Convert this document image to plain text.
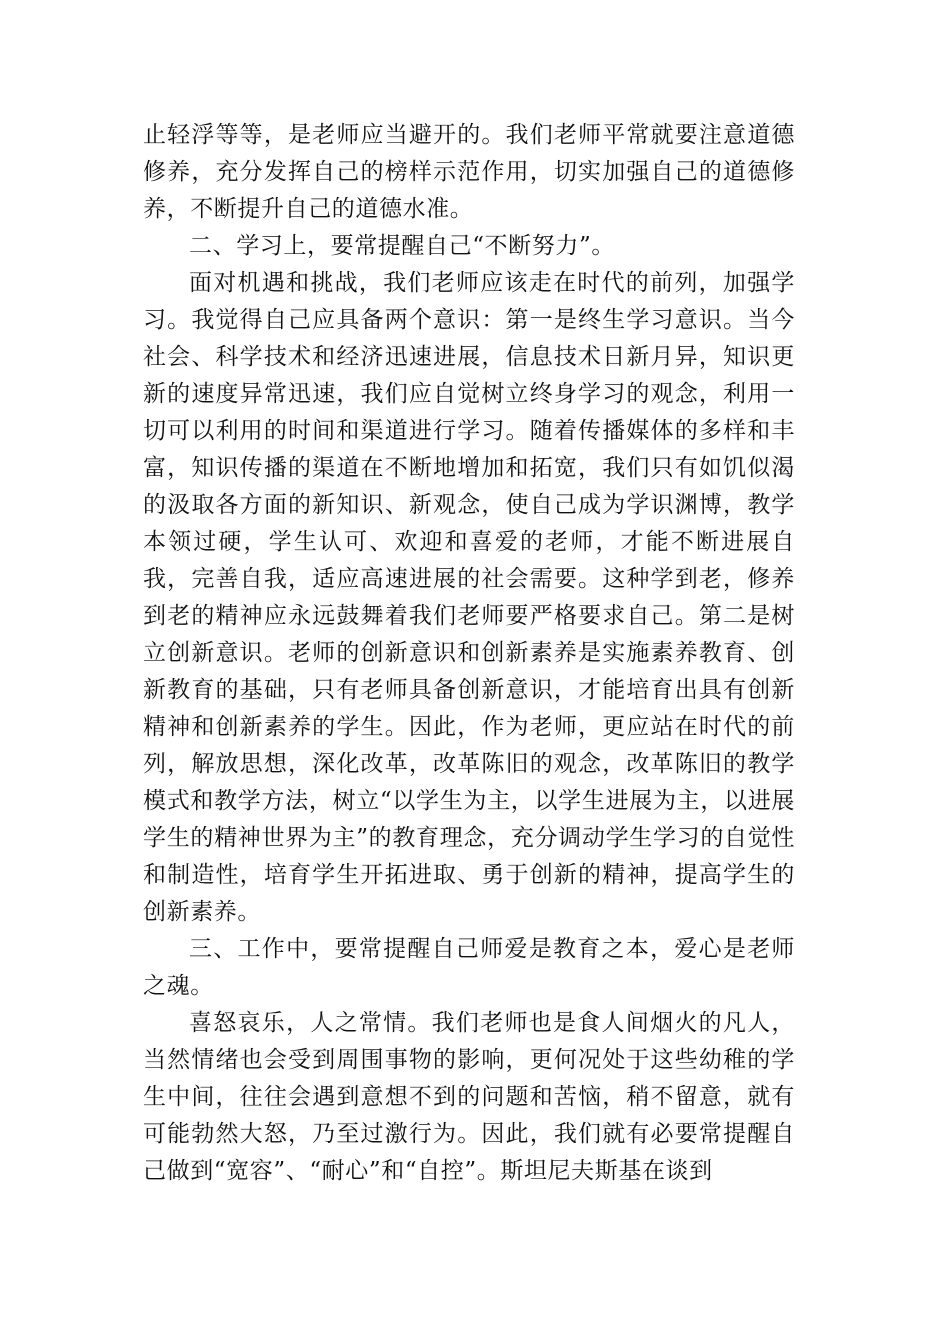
止轻浮等等，是老师应当避开的。我们老师平常就要注意道德修养，充分发挥自己的榜样示范作用，切实加强自己的道德修养，不断提升自己的道德水准。

二、学习上，要常提醒自己“不断努力”。

面对机遇和挑战，我们老师应该走在时代的前列，加强学习。我觉得自己应具备两个意识：第一是终生学习意识。当今社会、科学技术和经济迅速进展，信息技术日新月异，知识更新的速度异常迅速，我们应自觉树立终身学习的观念，利用一切可以利用的时间和渠道进行学习。随着传播媒体的多样和丰富，知识传播的渠道在不断地增加和拓宽，我们只有如饥似渴的汲取各方面的新知识、新观念，使自己成为学识渊博，教学本领过硬，学生认可、欢迎和喜爱的老师，才能不断进展自我，完善自我，适应高速进展的社会需要。这种学到老，修养到老的精神应永远鼓舞着我们老师要严格要求自己。第二是树立创新意识。老师的创新意识和创新素养是实施素养教育、创新教育的基础，只有老师具备创新意识，才能培育出具有创新精神和创新素养的学生。因此，作为老师，更应站在时代的前列，解放思想，深化改革，改革陈旧的观念，改革陈旧的教学模式和教学方法，树立“以学生为主，以学生进展为主，以进展学生的精神世界为主”的教育理念，充分调动学生学习的自觉性和制造性，培育学生开拓进取、勇于创新的精神，提高学生的创新素养。

三、工作中，要常提醒自己师爱是教育之本，爱心是老师之魂。

喜怒哀乐，人之常情。我们老师也是食人间烟火的凡人，当然情绪也会受到周围事物的影响，更何况处于这些幼稚的学生中间，往往会遇到意想不到的问题和苦恼，稍不留意，就有可能勃然大怒，乃至过激行为。因此，我们就有必要常提醒自己做到“宽容”、“耐心”和“自控”。斯坦尼夫斯基在谈到
